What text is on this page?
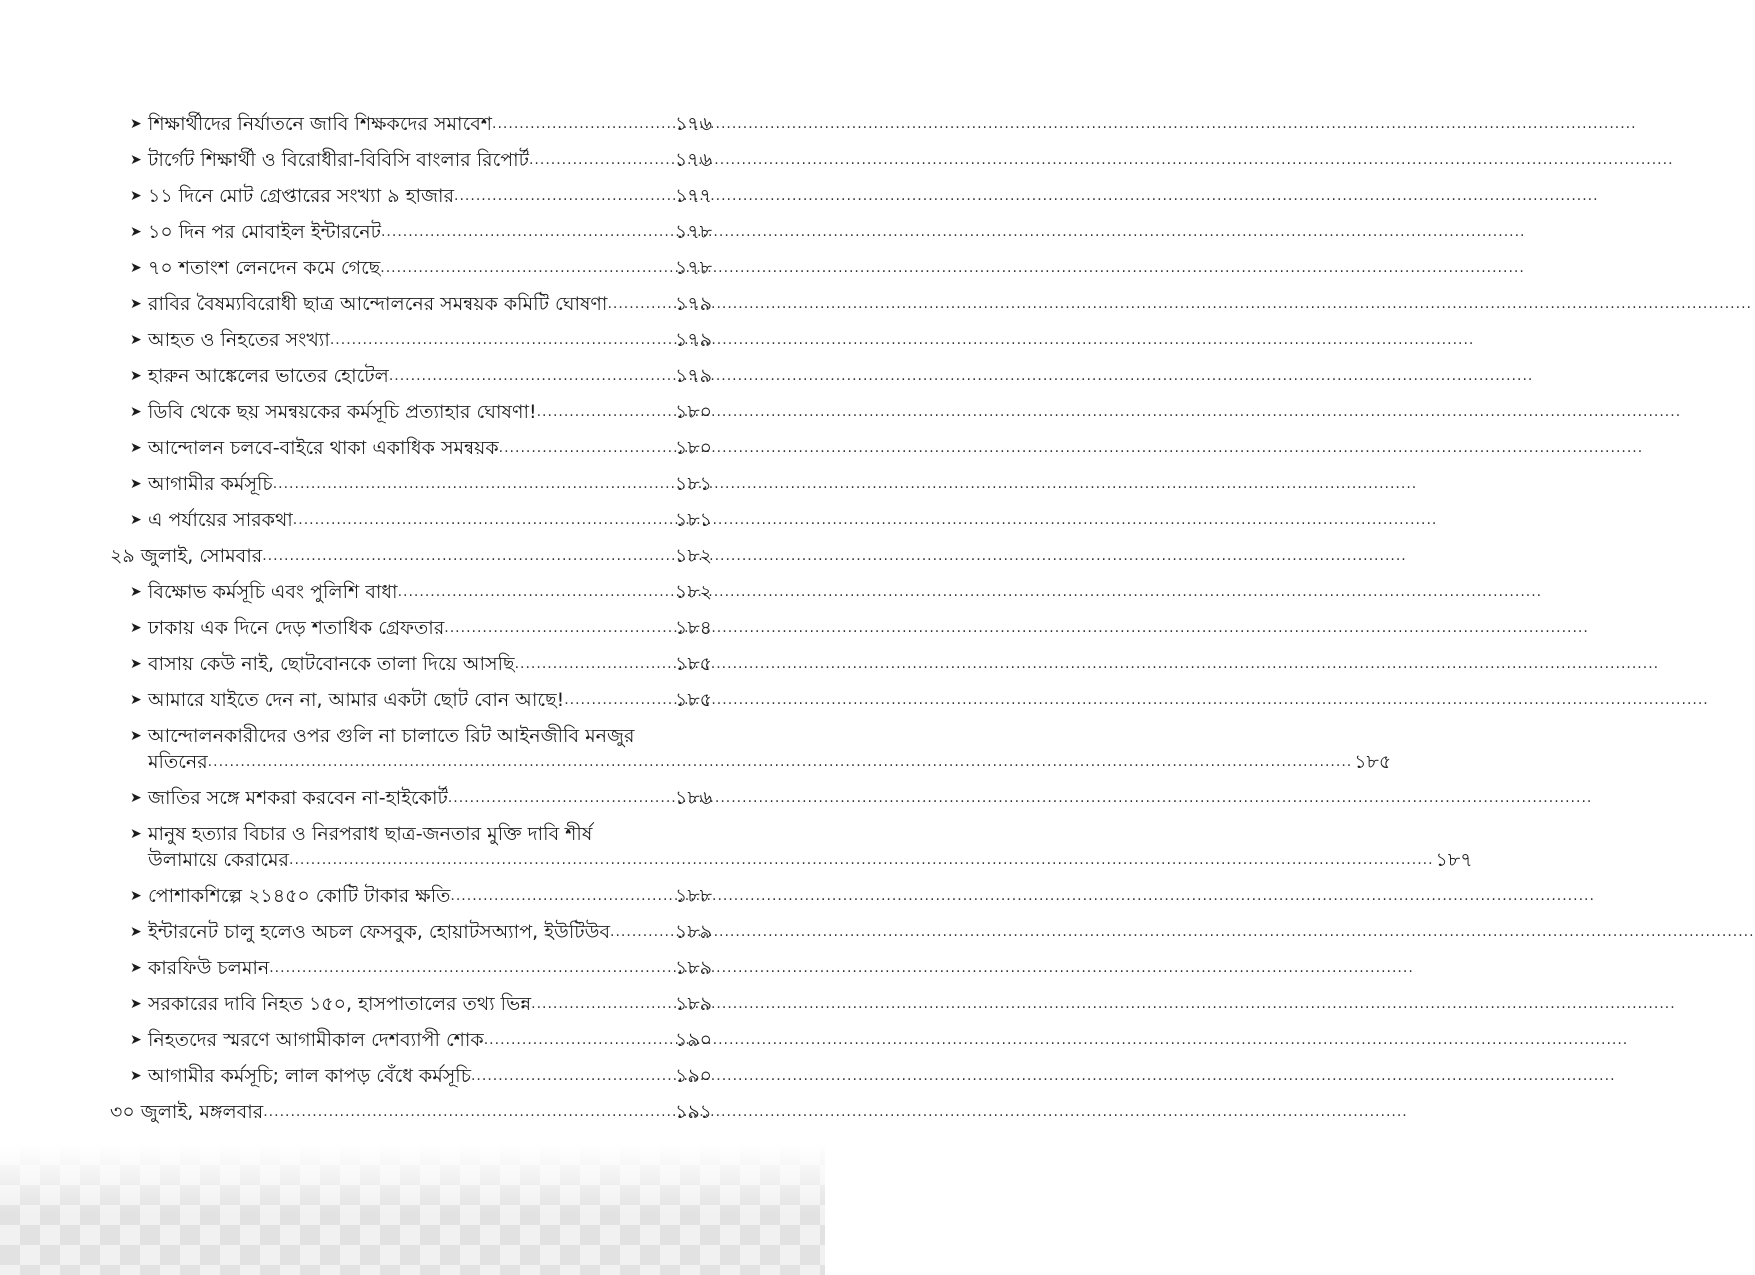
➤ শিক্ষার্থীদের নির্যাতনে জাবি শিক্ষকদের সমাবেশ .....	১৭৬
➤ টার্গেট শিক্ষার্থী ও বিরোধীরা-বিবিসি বাংলার রিপোর্ট .....	১৭৬
➤ ১১ দিনে মোট গ্রেপ্তারের সংখ্যা ৯ হাজার .....	১৭৭
➤ ১০ দিন পর মোবাইল ইন্টারনেট .....	১৭৮
➤ ৭০ শতাংশ লেনদেন কমে গেছে .....	১৭৮
➤ রাবির বৈষম্যবিরোধী ছাত্র আন্দোলনের সমন্বয়ক কমিটি ঘোষণা .....	১৭৯
➤ আহত ও নিহতের সংখ্যা .....	১৭৯
➤ হারুন আঙ্কেলের ভাতের হোটেল .....	১৭৯
➤ ডিবি থেকে ছয় সমন্বয়কের কর্মসূচি প্রত্যাহার ঘোষণা! .....	১৮০
➤ আন্দোলন চলবে-বাইরে থাকা একাধিক সমন্বয়ক .....	১৮০
➤ আগামীর কর্মসূচি .....	১৮১
➤ এ পর্যায়ের সারকথা .....	১৮১
২৯ জুলাই, সোমবার .....	১৮২
➤ বিক্ষোভ কর্মসূচি এবং পুলিশি বাধা .....	১৮২
➤ ঢাকায় এক দিনে দেড় শতাধিক গ্রেফতার .....	১৮৪
➤ বাসায় কেউ নাই, ছোটবোনকে তালা দিয়ে আসছি .....	১৮৫
➤ আমারে যাইতে দেন না, আমার একটা ছোট বোন আছে! .....	১৮৫
➤ আন্দোলনকারীদের ওপর গুলি না চালাতে রিট আইনজীবি মনজুর
মতিনের .....	১৮৫
➤ জাতির সঙ্গে মশকরা করবেন না-হাইকোর্ট .....	১৮৬
➤ মানুষ হত্যার বিচার ও নিরপরাধ ছাত্র-জনতার মুক্তি দাবি শীর্ষ
উলামায়ে কেরামের .....	১৮৭
➤ পোশাকশিল্পে ২১৪৫০ কোটি টাকার ক্ষতি .....	১৮৮
➤ ইন্টারনেট চালু হলেও অচল ফেসবুক, হোয়াটসঅ্যাপ, ইউটিউব .....	১৮৯
➤ কারফিউ চলমান .....	১৮৯
➤ সরকারের দাবি নিহত ১৫০, হাসপাতালের তথ্য ভিন্ন .....	১৮৯
➤ নিহতদের স্মরণে আগামীকাল দেশব্যাপী শোক .....	১৯০
➤ আগামীর কর্মসূচি; লাল কাপড় বেঁধে কর্মসূচি .....	১৯০
৩০ জুলাই, মঙ্গলবার .....	১৯১
